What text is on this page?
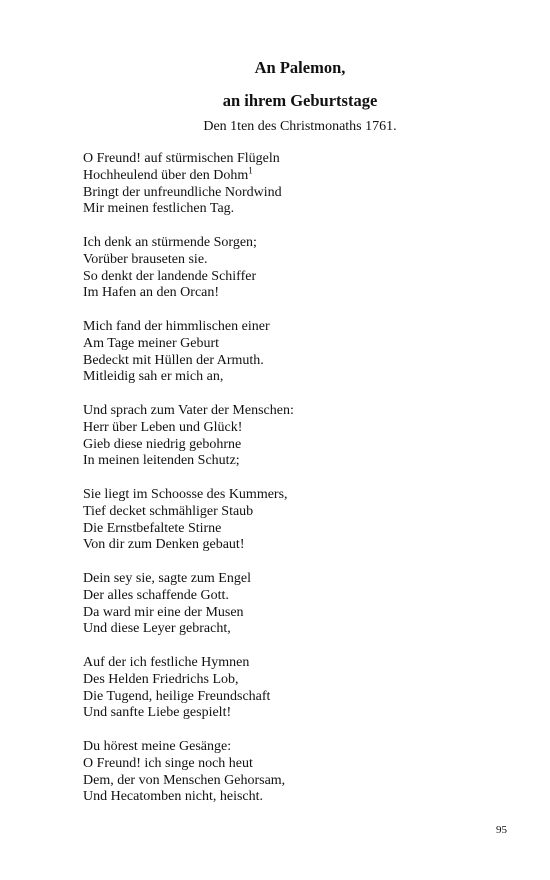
An Palemon,
an ihrem Geburtstage

Den 1ten des Christmonaths 1761.

O Freund! auf stürmischen Flügeln
Hochheulend über den Dohm$^1$
Bringt der unfreundliche Nordwind
Mir meinen festlichen Tag.
Ich denk an stürmende Sorgen;
Vorüber brauseten sie.
So denkt der landende Schiffer
Im Hafen an den Orcan!
Mich fand der himmlischen einer
Am Tage meiner Geburt
Bedeckt mit Hüllen der Armuth.
Mitleidig sah er mich an,
Und sprach zum Vater der Menschen:
Herr über Leben und Glück!
Gieb diese niedrig gebohrne
In meinen leitenden Schutz;
Sie liegt im Schoosse des Kummers,
Tief decket schmähliger Staub
Die Ernstbefaltete Stirne
Von dir zum Denken gebaut!
Dein sey sie, sagte zum Engel
Der alles schaffende Gott.
Da ward mir eine der Musen
Und diese Leyer gebracht,
Auf der ich festliche Hymnen
Des Helden Friedrichs Lob,
Die Tugend, heilige Freundschaft
Und sanfte Liebe gespielt!
Du hörest meine Gesänge:
O Freund! ich singe noch heut
Dem, der von Menschen Gehorsam,
Und Hecatomben nicht, heischt.
95
